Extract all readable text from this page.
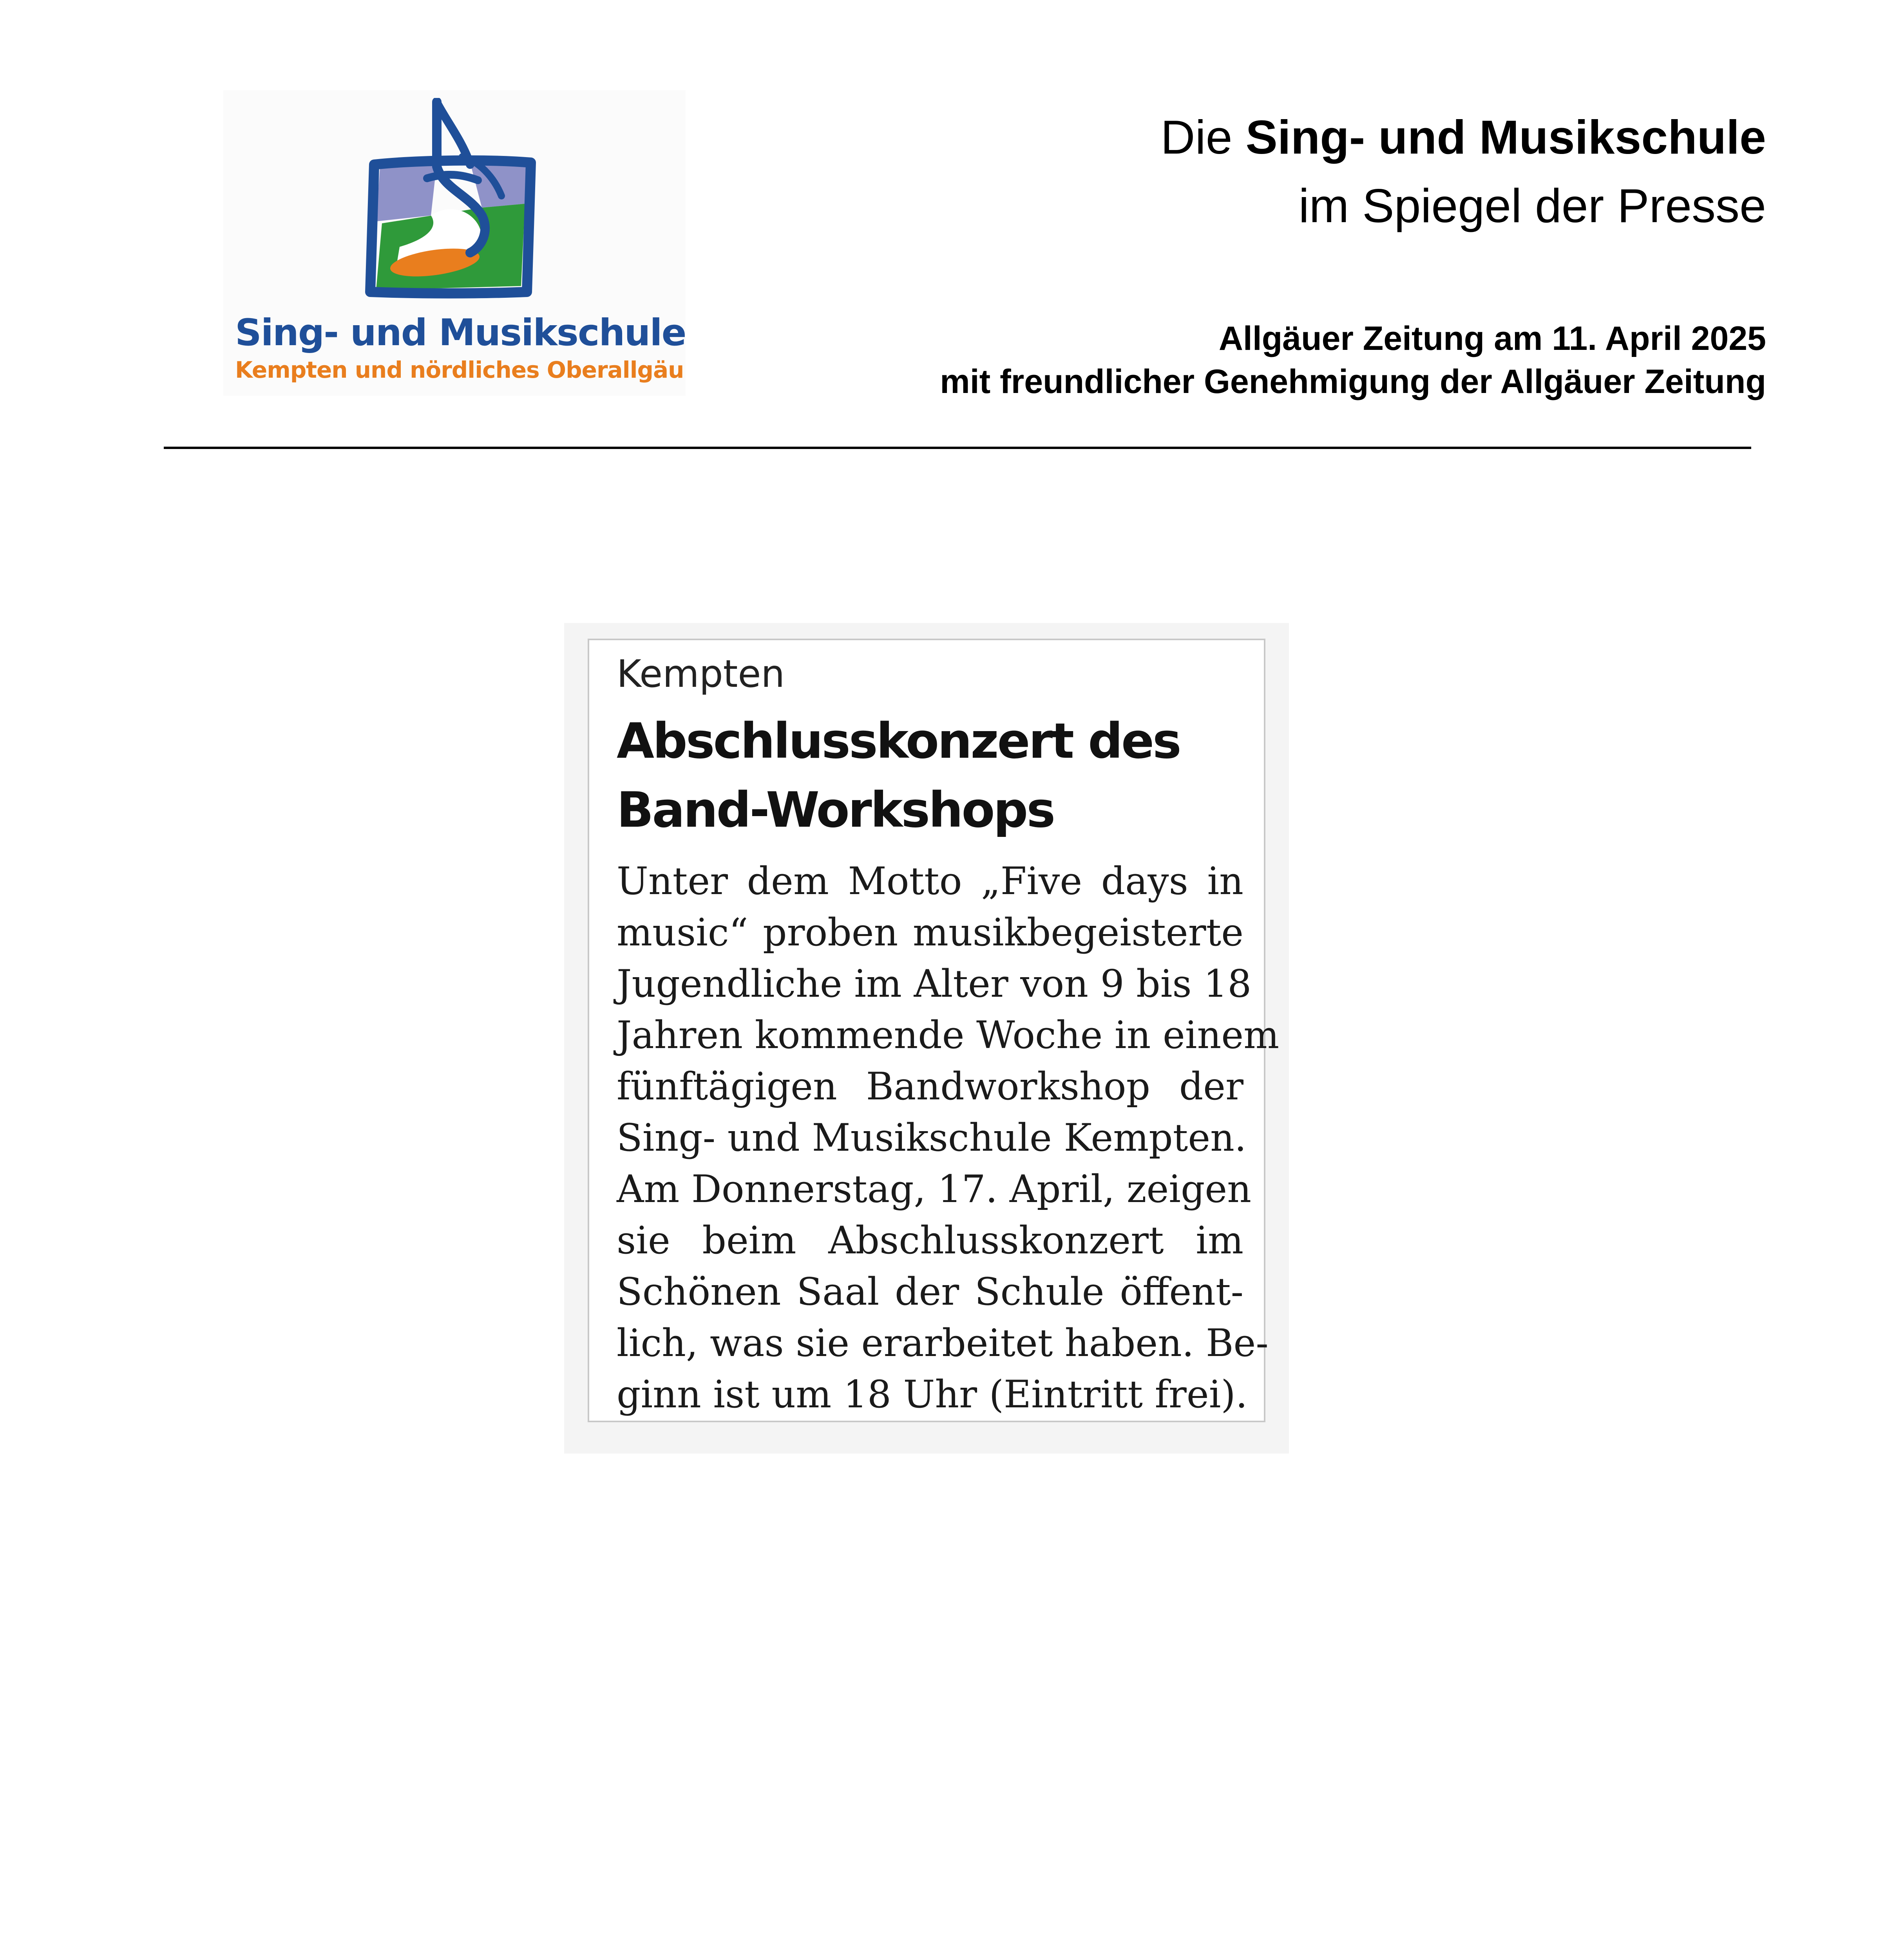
Sing- und Musikschule
Kempten und nördliches Oberallgäu
Die Sing- und Musikschule
im Spiegel der Presse
Allgäuer Zeitung am 11. April 2025
mit freundlicher Genehmigung der Allgäuer Zeitung
Kempten
Abschlusskonzert des
Band-Workshops
Unter dem Motto „Five days in
music“ proben musikbegeisterte
Jugendliche im Alter von 9 bis 18
Jahren kommende Woche in einem
fünftägigen Bandworkshop der
Sing- und Musikschule Kempten.
Am Donnerstag, 17. April, zeigen
sie beim Abschlusskonzert im
Schönen Saal der Schule öffent-
lich, was sie erarbeitet haben. Be-
ginn ist um 18 Uhr (Eintritt frei).
